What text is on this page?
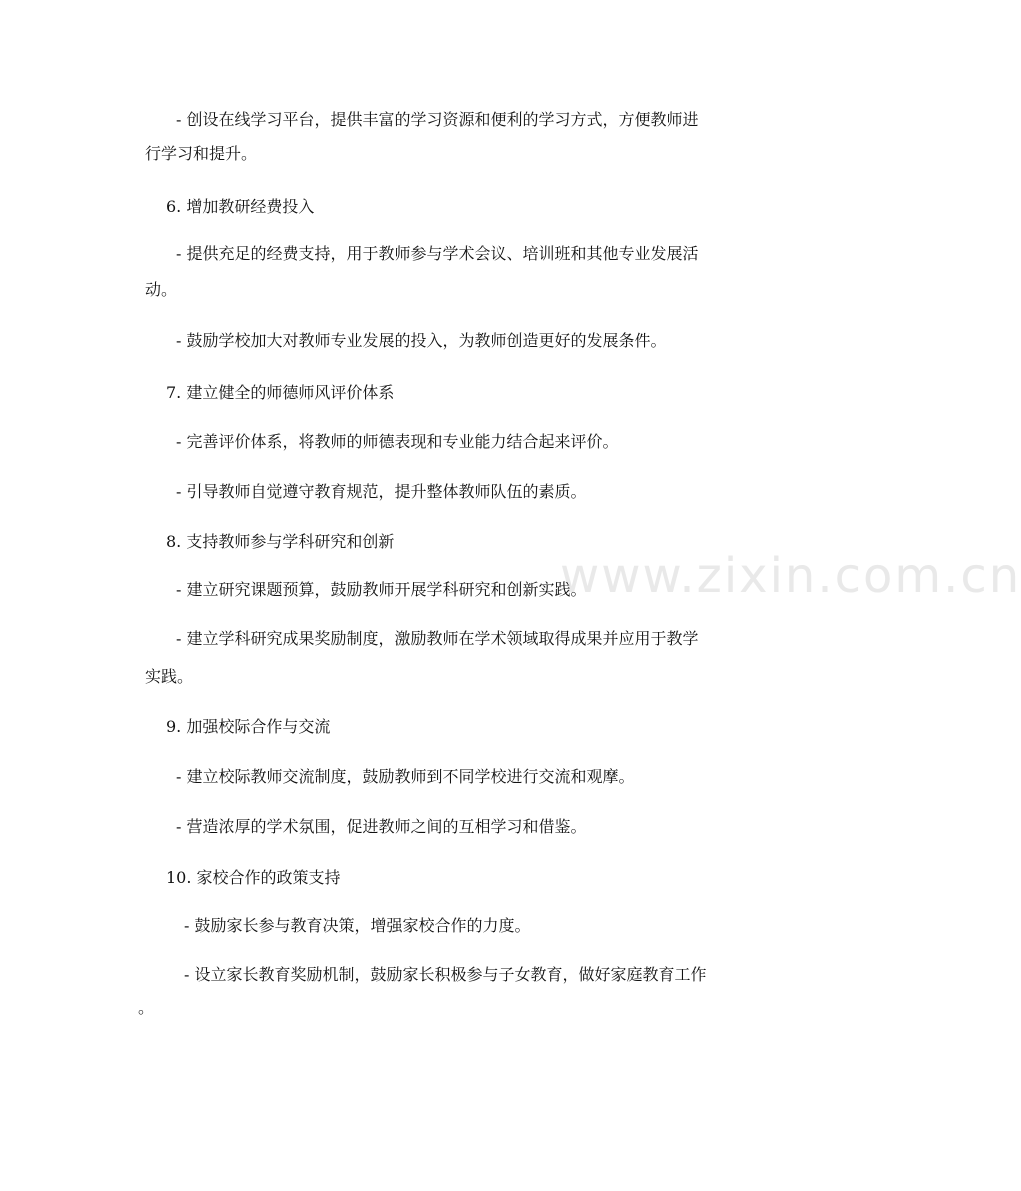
www.zixin.com.cn
- 创设在线学习平台，提供丰富的学习资源和便利的学习方式，方便教师进
行学习和提升。
6. 增加教研经费投入
- 提供充足的经费支持，用于教师参与学术会议、培训班和其他专业发展活
动。
- 鼓励学校加大对教师专业发展的投入，为教师创造更好的发展条件。
7. 建立健全的师德师风评价体系
- 完善评价体系，将教师的师德表现和专业能力结合起来评价。
- 引导教师自觉遵守教育规范，提升整体教师队伍的素质。
8. 支持教师参与学科研究和创新
- 建立研究课题预算，鼓励教师开展学科研究和创新实践。
- 建立学科研究成果奖励制度，激励教师在学术领域取得成果并应用于教学
实践。
9. 加强校际合作与交流
- 建立校际教师交流制度，鼓励教师到不同学校进行交流和观摩。
- 营造浓厚的学术氛围，促进教师之间的互相学习和借鉴。
10. 家校合作的政策支持
- 鼓励家长参与教育决策，增强家校合作的力度。
- 设立家长教育奖励机制，鼓励家长积极参与子女教育，做好家庭教育工作
。
